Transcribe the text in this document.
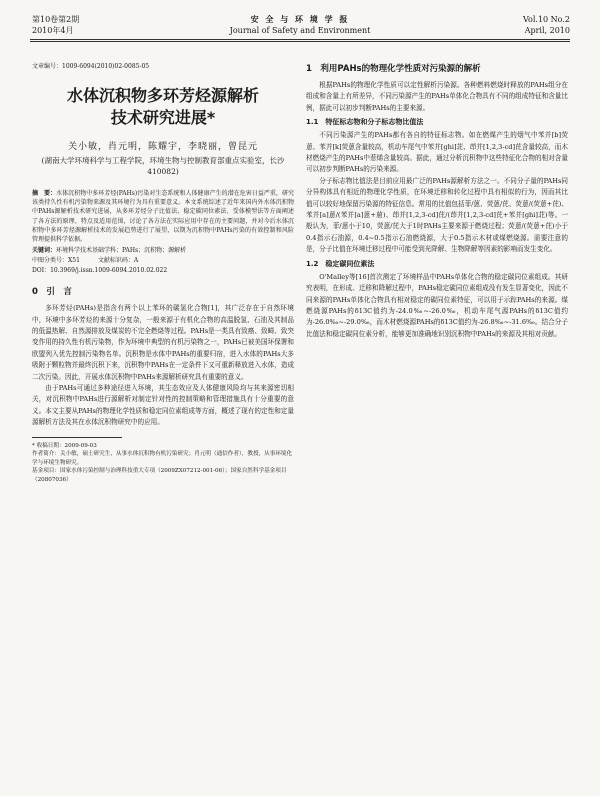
第10卷第2期
2010年4月
安 全 与 环 境 学 报
Journal of Safety and Environment
Vol.10 No.2
April, 2010

文章编号：1009-6094(2010)02-0085-05

水体沉积物多环芳烃源解析
技术研究进展*

关小敏，肖元明，陈耀宇，李晓丽，曾昆元

(湖南大学环境科学与工程学院，环境生物与控制教育部重点实验室，长沙 410082)

摘　要：水体沉积物中多环芳烃(PAHs)污染对生态系统和人体健康产生的潜在危害日益严重，研究该类持久性有机污染物来源及其环境行为具有重要意义。本文系统综述了近年来国内外水体沉积物中PAHs源解析技术研究进展，从多环芳烃分子比值法、稳定碳同位素法、受体模型法等方面阐述了各方法的原理、特点及适用范围，讨论了各方法在实际应用中存在的主要问题，并对今后水体沉积物中多环芳烃源解析技术的发展趋势进行了展望，以期为沉积物中PAHs污染的有效控制和风险管理提供科学依据。

关键词：环境科学技术基础学科；PAHs；沉积物；源解析

中图分类号：X51	文献标识码：A

DOI：10.3969/j.issn.1009-6094.2010.02.022

0　引　言

多环芳烃(PAHs)是指含有两个以上苯环的碳氢化合物[1]，其广泛存在于自然环境中，环境中多环芳烃的来源十分复杂，一般来源于有机化合物的高温脱氢、石油及其制品的低温热解、自然源排放及煤炭的不完全燃烧等过程。PAHs是一类具有致癌、致畸、致突变作用的持久性有机污染物，作为环境中典型的有机污染物之一，PAHs已被美国环保署和欧盟列入优先控制污染物名单。沉积物是水体中PAHs的重要归宿，进入水体的PAHs大多吸附于颗粒物并最终沉积下来，沉积物中PAHs在一定条件下又可重新释放进入水体，造成二次污染。因此，开展水体沉积物中PAHs来源解析研究具有重要的意义。

由于PAHs可通过多种途径进入环境，其生态效应及人体健康风险均与其来源密切相关，对沉积物中PAHs进行源解析对制定针对性的控制策略和管理措施具有十分重要的意义。本文主要从PAHs的物理化学性质和稳定同位素组成等方面，概述了现有的定性和定量源解析方法及其在水体沉积物研究中的应用。

* 收稿日期：2009-09-03

作者简介：关小敏，硕士研究生，从事水体沉积物有机污染研究；肖元明（通信作者），教授，从事环境化学与环境生物研究。

基金项目：国家水体污染控制与治理科技重大专项（2009ZX07212-001-06）；国家自然科学基金项目（20807036）

1　利用PAHs的物理化学性质对污染源的解析

根据PAHs的物理化学性质可以定性解析污染源。各种燃料燃烧时释放的PAHs组分在组成和含量上有所差异，不同污染源产生的PAHs单体化合物具有不同的组成特征和含量比例，据此可以初步判断PAHs的主要来源。

1.1　特征标志物和分子标志物比值法

不同污染源产生的PAHs都有各自的特征标志物。如在燃煤产生的烟气中苯并[b]荧蒽、苯并[k]荧蒽含量较高，机动车尾气中苯并[ghi]苝、茚并[1,2,3-cd]芘含量较高，而木材燃烧产生的PAHs中惹烯含量较高。据此，通过分析沉积物中这些特征化合物的相对含量可以初步判断PAHs的污染来源。

分子标志物比值法是目前应用最广泛的PAHs源解析方法之一。不同分子量的PAHs同分异构体具有相近的物理化学性质，在环境迁移和转化过程中具有相似的行为，因而其比值可以较好地保留污染源的特征信息。常用的比值包括菲/蒽、荧蒽/芘、荧蒽/(荧蒽+芘)、苯并[a]蒽/(苯并[a]蒽+䓛)、茚并[1,2,3-cd]芘/(茚并[1,2,3-cd]芘+苯并[ghi]苝)等。一般认为，菲/蒽小于10，荧蒽/芘大于1时PAHs主要来源于燃烧过程；荧蒽/(荧蒽+芘)小于0.4指示石油源，0.4~0.5指示石油燃烧源，大于0.5指示木材或煤燃烧源。需要注意的是，分子比值在环境迁移过程中可能受到光降解、生物降解等因素的影响而发生变化。

1.2　稳定碳同位素法

O'Malley等[16]首次测定了环境样品中PAHs单体化合物的稳定碳同位素组成。其研究表明，在形成、迁移和降解过程中，PAHs稳定碳同位素组成没有发生显著变化，因此不同来源的PAHs单体化合物具有相对稳定的碳同位素特征，可以用于示踪PAHs的来源。煤燃烧源PAHs的δ13C值约为-24.0‰~-26.0‰，机动车尾气源PAHs的δ13C值约为-26.0‰~-29.0‰，而木材燃烧源PAHs的δ13C值约为-26.8‰~-31.6‰。结合分子比值法和稳定碳同位素分析，能够更加准确地识别沉积物中PAHs的来源及其相对贡献。
